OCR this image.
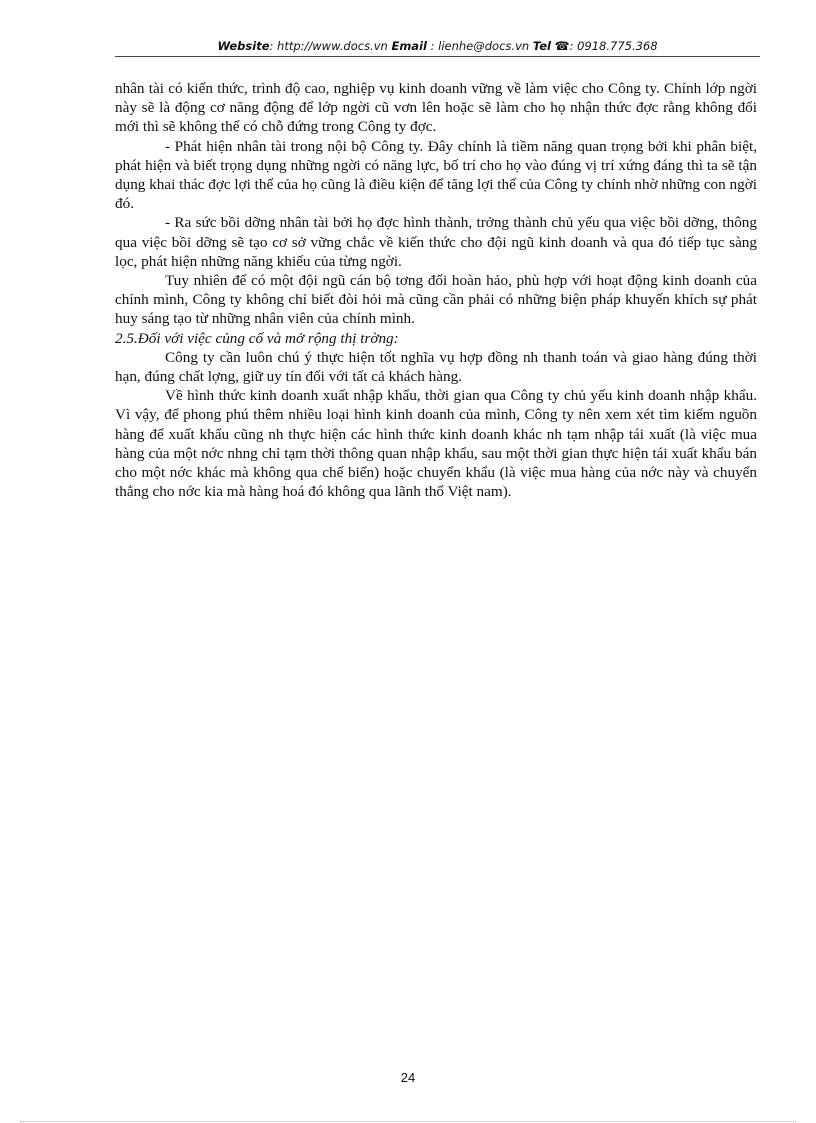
Website: http://www.docs.vn Email : lienhe@docs.vn Tel ☎: 0918.775.368

nhân tài có kiến thức, trình độ cao, nghiệp vụ kinh doanh vững về làm việc cho Công ty. Chính lớp ngời này sẽ là động cơ năng động để lớp ngời cũ vơn lên hoặc sẽ làm cho họ nhận thức đợc rằng không đổi mới thì sẽ không thể có chỗ đứng trong Công ty đợc.

- Phát hiện nhân tài trong nội bộ Công ty. Đây chính là tiềm năng quan trọng bởi khi phân biệt, phát hiện và biết trọng dụng những ngời có năng lực, bố trí cho họ vào đúng vị trí xứng đáng thì ta sẽ tận dụng khai thác đợc lợi thế của họ cũng là điều kiện để tăng lợi thế của Công ty chính nhờ những con ngời đó.

- Ra sức bồi dỡng nhân tài bởi họ đợc hình thành, trởng thành chủ yếu qua việc bồi dỡng, thông qua việc bồi dỡng sẽ tạo cơ sở vững chắc về kiến thức cho đội ngũ kinh doanh và qua đó tiếp tục sàng lọc, phát hiện những năng khiếu của từng ngời.

Tuy nhiên để có một đội ngũ cán bộ tơng đối hoàn hảo, phù hợp với hoạt động kinh doanh của chính mình, Công ty không chỉ biết đòi hỏi mà cũng cần phải có những biện pháp khuyến khích sự phát huy sáng tạo từ những nhân viên của chính mình.

2.5.Đối với việc củng cố và mở rộng thị trờng:

Công ty cần luôn chú ý thực hiện tốt nghĩa vụ hợp đồng nh thanh toán và giao hàng đúng thời hạn, đúng chất lợng, giữ uy tín đối với tất cả khách hàng.

Về hình thức kinh doanh xuất nhập khẩu, thời gian qua Công ty chủ yếu kinh doanh nhập khẩu. Vì vậy, để phong phú thêm nhiều loại hình kinh doanh của mình, Công ty nên xem xét tìm kiếm nguồn hàng để xuất khẩu cũng nh thực hiện các hình thức kinh doanh khác nh tạm nhập tái xuất (là việc mua hàng của một nớc nhng chỉ tạm thời thông quan nhập khẩu, sau một thời gian thực hiện tái xuất khẩu bán cho một nớc khác mà không qua chế biến) hoặc chuyển khẩu (là việc mua hàng của nớc này và chuyển thẳng cho nớc kia mà hàng hoá đó không qua lãnh thổ Việt nam).

24
